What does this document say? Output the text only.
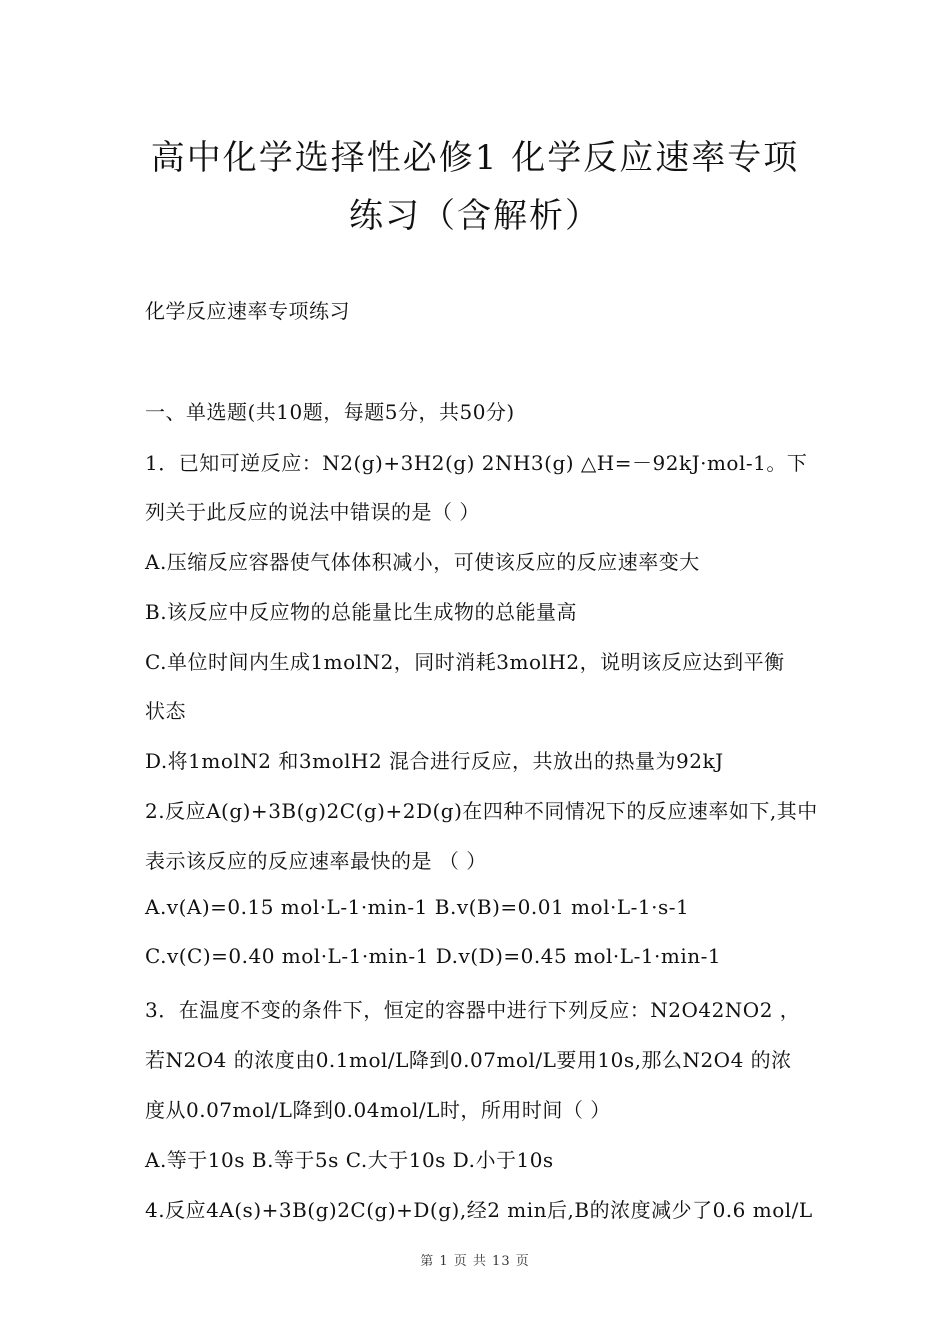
高中化学选择性必修1 化学反应速率专项
练习（含解析）
化学反应速率专项练习
一、单选题(共10题，每题5分，共50分)
1．已知可逆反应：N2(g)+3H2(g) 2NH3(g) △H=－92kJ·mol-1。下
列关于此反应的说法中错误的是（ ）
A.压缩反应容器使气体体积减小，可使该反应的反应速率变大
B.该反应中反应物的总能量比生成物的总能量高
C.单位时间内生成1molN2，同时消耗3molH2，说明该反应达到平衡
状态
D.将1molN2 和3molH2 混合进行反应，共放出的热量为92kJ
2.反应A(g)+3B(g)2C(g)+2D(g)在四种不同情况下的反应速率如下,其中
表示该反应的反应速率最快的是 （ ）
A.v(A)=0.15 mol·L-1·min-1 B.v(B)=0.01 mol·L-1·s-1
C.v(C)=0.40 mol·L-1·min-1 D.v(D)=0.45 mol·L-1·min-1
3．在温度不变的条件下，恒定的容器中进行下列反应：N2O42NO2 ，
若N2O4 的浓度由0.1mol/L降到0.07mol/L要用10s,那么N2O4 的浓
度从0.07mol/L降到0.04mol/L时，所用时间（ ）
A.等于10s B.等于5s C.大于10s D.小于10s
4.反应4A(s)+3B(g)2C(g)+D(g),经2 min后,B的浓度减少了0.6 mol/L
第 1 页 共 13 页
